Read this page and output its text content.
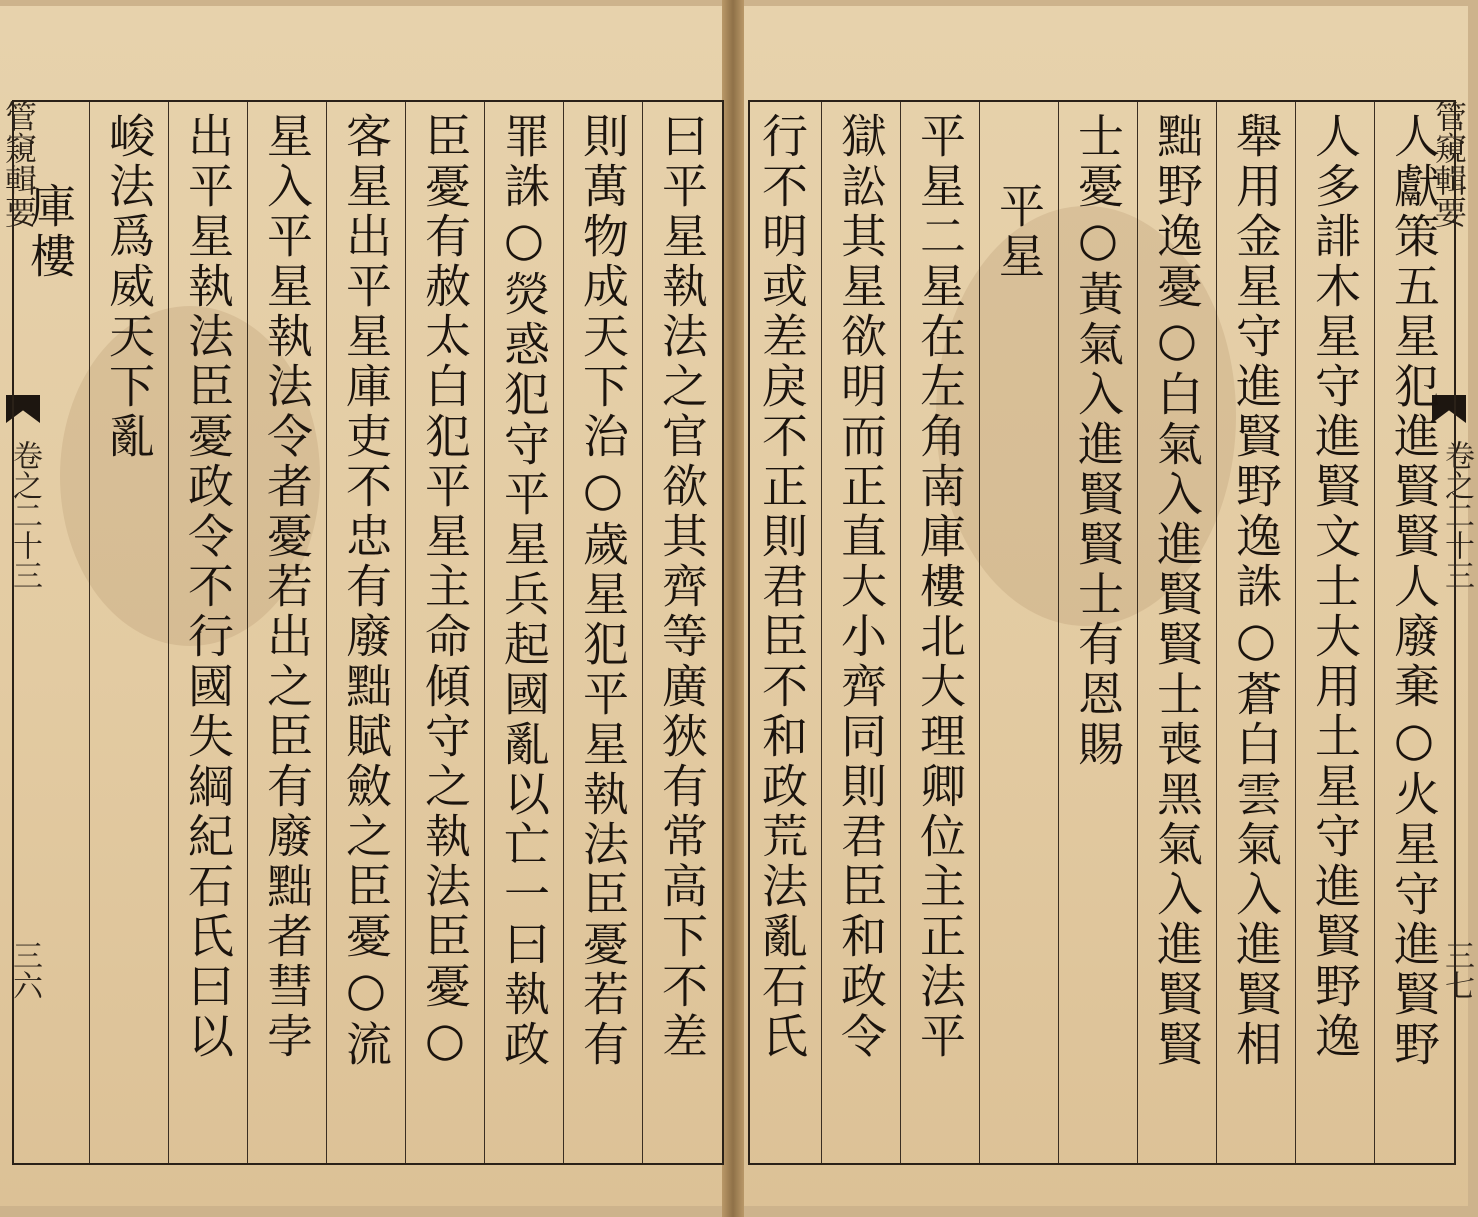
管窺輯要
卷之二十三
三六	曰平星執法之官欲其齊等廣狹有常高下不差
則萬物成天下治○歲星犯平星執法臣憂若有
罪誅○熒惑犯守平星兵起國亂以亡一曰執政
臣憂有赦太白犯平星主命傾守之執法臣憂○
客星出平星庫吏不忠有廢黜賦斂之臣憂○流
星入平星執法令者憂若出之臣有廢黜者彗孛
出平星執法臣憂政令不行國失綱紀石氏曰以
峻法爲威天下亂
庫樓
管窺輯要
卷之二十三
三七
人獻策五星犯進賢賢人廢棄○火星守進賢野
人多誹木星守進賢文士大用土星守進賢野逸
舉用金星守進賢野逸誅○蒼白雲氣入進賢相
黜野逸憂○白氣入進賢賢士喪黑氣入進賢賢
士憂○黃氣入進賢賢士有恩賜
平星
平星二星在左角南庫樓北大理卿位主正法平
獄訟其星欲明而正直大小齊同則君臣和政令
行不明或差戾不正則君臣不和政荒法亂石氏
